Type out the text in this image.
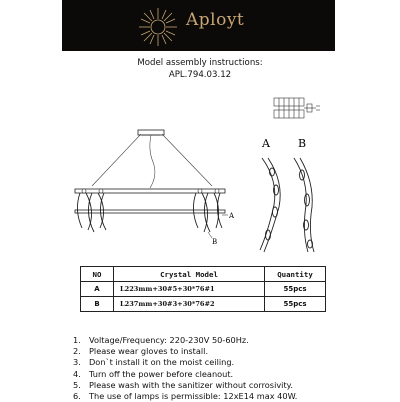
Aployt
Model assembly instructions:
APL.794.03.12
A
B
A	B
NO	Crystal Model	Quantity
A	L223mm+30#5+30*76#1	55pcs
B	L237mm+30#3+30*76#2	55pcs
1. Voltage/Frequency: 220-230V 50-60Hz.
2. Please wear gloves to install.
3. Don`t install it on the moist ceiling.
4. Turn off the power before cleanout.
5. Please wash with the sanitizer without corrosivity.
6. The use of lamps is permissible: 12xE14 max 40W.
